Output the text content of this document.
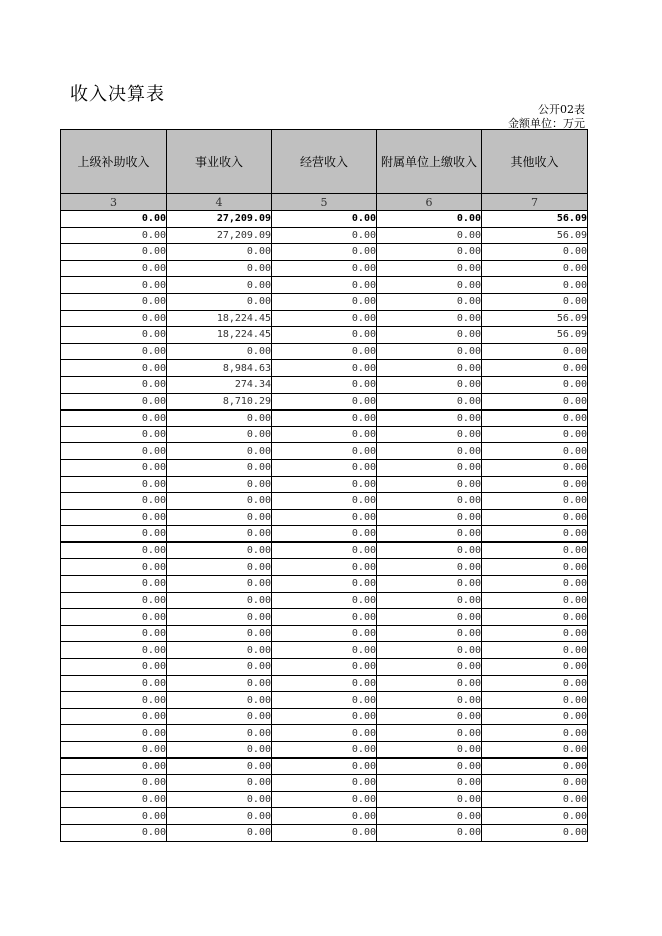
收入决算表
公开02表
金额单位：万元
上级补助收入	事业收入	经营收入	附属单位上缴收入	其他收入
3	4	5	6	7
0.00	27,209.09	0.00	0.00	56.09
0.00	27,209.09	0.00	0.00	56.09
0.00	0.00	0.00	0.00	0.00
0.00	0.00	0.00	0.00	0.00
0.00	0.00	0.00	0.00	0.00
0.00	0.00	0.00	0.00	0.00
0.00	18,224.45	0.00	0.00	56.09
0.00	18,224.45	0.00	0.00	56.09
0.00	0.00	0.00	0.00	0.00
0.00	8,984.63	0.00	0.00	0.00
0.00	274.34	0.00	0.00	0.00
0.00	8,710.29	0.00	0.00	0.00
0.00	0.00	0.00	0.00	0.00
0.00	0.00	0.00	0.00	0.00
0.00	0.00	0.00	0.00	0.00
0.00	0.00	0.00	0.00	0.00
0.00	0.00	0.00	0.00	0.00
0.00	0.00	0.00	0.00	0.00
0.00	0.00	0.00	0.00	0.00
0.00	0.00	0.00	0.00	0.00
0.00	0.00	0.00	0.00	0.00
0.00	0.00	0.00	0.00	0.00
0.00	0.00	0.00	0.00	0.00
0.00	0.00	0.00	0.00	0.00
0.00	0.00	0.00	0.00	0.00
0.00	0.00	0.00	0.00	0.00
0.00	0.00	0.00	0.00	0.00
0.00	0.00	0.00	0.00	0.00
0.00	0.00	0.00	0.00	0.00
0.00	0.00	0.00	0.00	0.00
0.00	0.00	0.00	0.00	0.00
0.00	0.00	0.00	0.00	0.00
0.00	0.00	0.00	0.00	0.00
0.00	0.00	0.00	0.00	0.00
0.00	0.00	0.00	0.00	0.00
0.00	0.00	0.00	0.00	0.00
0.00	0.00	0.00	0.00	0.00
0.00	0.00	0.00	0.00	0.00
